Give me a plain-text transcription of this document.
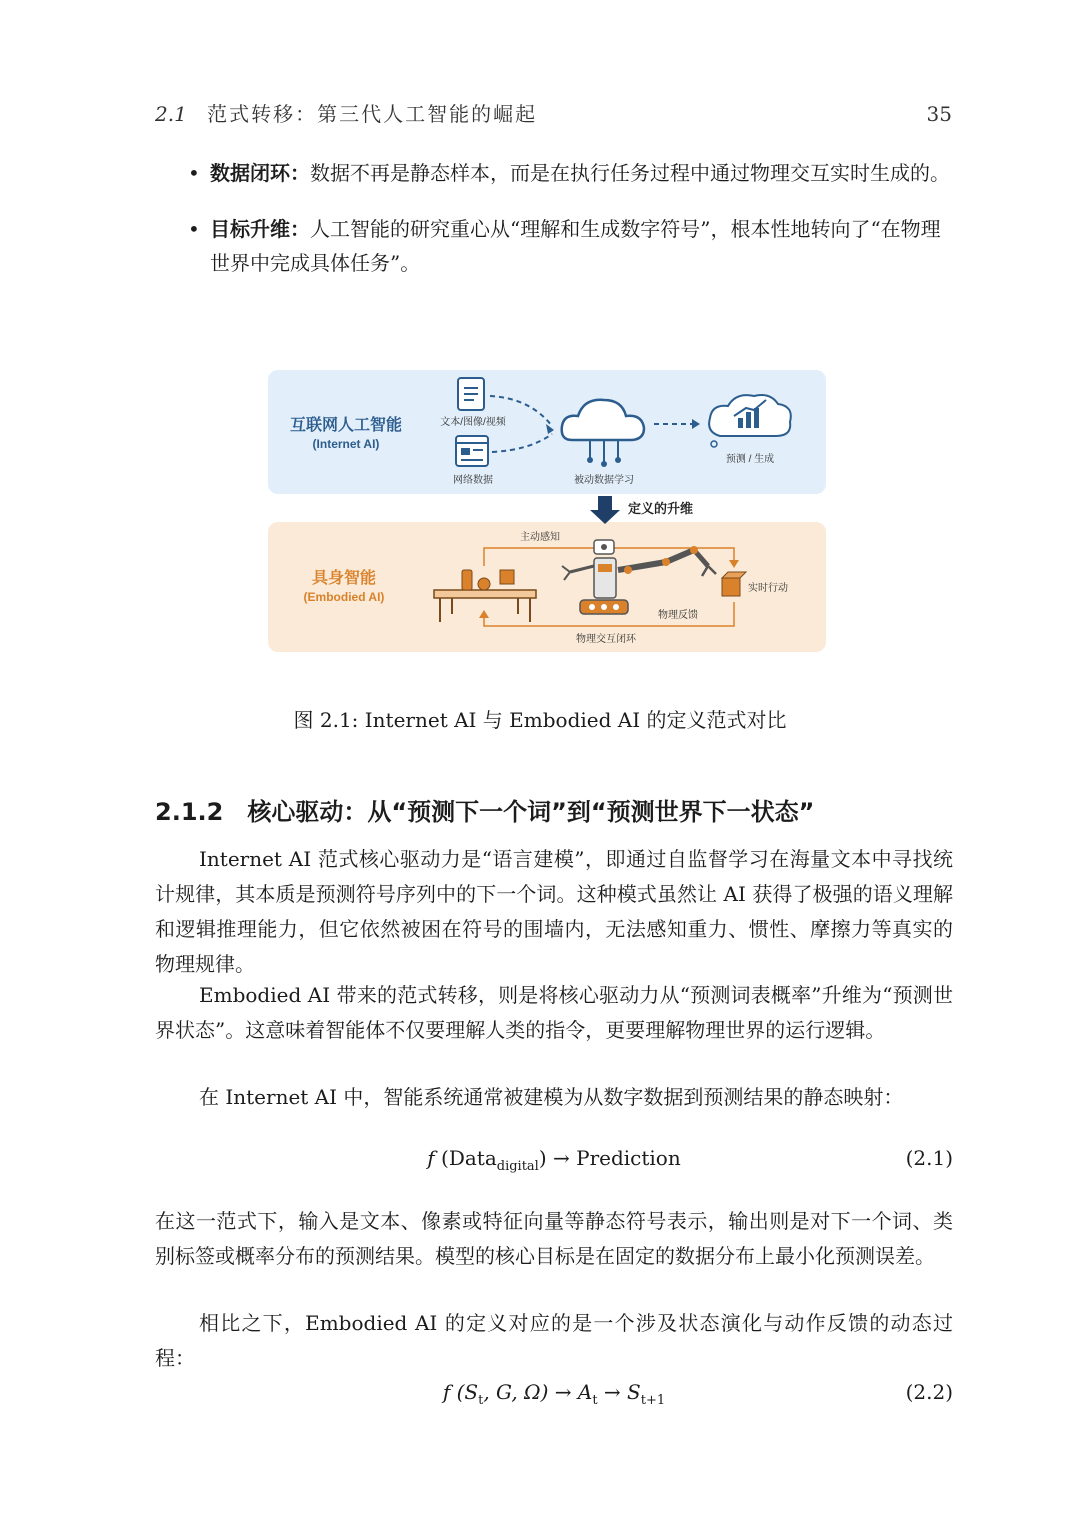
2.1 范式转移：第三代人工智能的崛起	35
• 数据闭环：数据不再是静态样本，而是在执行任务过程中通过物理交互实时生成的。
• 目标升维：人工智能的研究重心从“理解和生成数字符号”，根本性地转向了“在物理世界中完成具体任务”。
互联网人工智能
(Internet AI)
文本/图像/视频
网络数据	被动数据学习
预测 / 生成
定义的升维
具身智能
(Embodied AI)
主动感知
实时行动
物理反馈
物理交互闭环
图 2.1: Internet AI 与 Embodied AI 的定义范式对比
2.1.2 核心驱动：从“预测下一个词”到“预测世界下一状态”

Internet AI 范式核心驱动力是“语言建模”，即通过自监督学习在海量文本中寻找统计规律，其本质是预测符号序列中的下一个词。这种模式虽然让 AI 获得了极强的语义理解和逻辑推理能力，但它依然被困在符号的围墙内，无法感知重力、惯性、摩擦力等真实的物理规律。

Embodied AI 带来的范式转移，则是将核心驱动力从“预测词表概率”升维为“预测世界状态”。这意味着智能体不仅要理解人类的指令，更要理解物理世界的运行逻辑。

在 Internet AI 中，智能系统通常被建模为从数字数据到预测结果的静态映射：

f (Data$_{digital}$) → Prediction	(2.1)

在这一范式下，输入是文本、像素或特征向量等静态符号表示，输出则是对下一个词、类别标签或概率分布的预测结果。模型的核心目标是在固定的数据分布上最小化预测误差。

相比之下，Embodied AI 的定义对应的是一个涉及状态演化与动作反馈的动态过程：

f ($S_t$, G, $\Omega) \to A_t \to S_{t+1}$	(2.2)
